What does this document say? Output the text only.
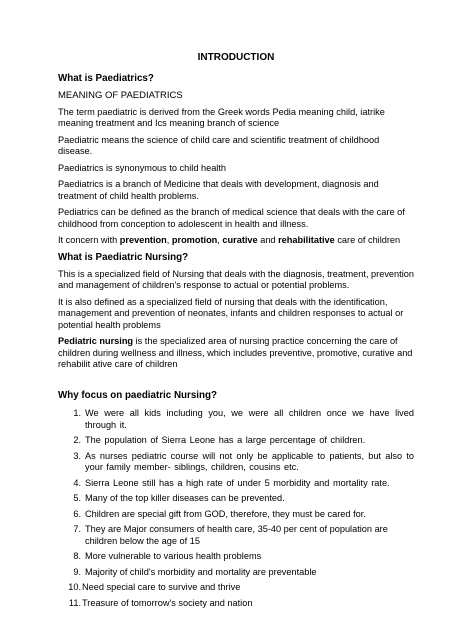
INTRODUCTION
What is Paediatrics?
MEANING OF PAEDIATRICS

The term paediatric is derived from the Greek words Pedia meaning child, iatrike meaning treatment and Ics meaning branch of science

Paediatric means the science of child care and scientific treatment of childhood disease.

Paediatrics is synonymous to child health

Paediatrics is a branch of Medicine that deals with development, diagnosis and treatment of child health problems.

Pediatrics can be defined as the branch of medical science that deals with the care of childhood from conception to adolescent in health and illness.

It concern with prevention, promotion, curative and rehabilitative care of children

What is Paediatric Nursing?

This is a specialized field of Nursing that deals with the diagnosis, treatment, prevention and management of children's response to actual or potential problems.

It is also defined as a specialized field of nursing that deals with the identification, management and prevention of neonates, infants and children responses to actual or potential health problems

Pediatric nursing is the specialized area of nursing practice concerning the care of children during wellness and illness, which includes preventive, promotive, curative and rehabilit ative care of children

Why focus on paediatric Nursing?
1. We were all kids including you, we were all children once we have lived through it.
2. The population of Sierra Leone has a large percentage of children.
3. As nurses pediatric course will not only be applicable to patients, but also to your family member- siblings, children, cousins etc.
4. Sierra Leone still has a high rate of under 5 morbidity and mortality rate.
5. Many of the top killer diseases can be prevented.
6. Children are special gift from GOD, therefore, they must be cared for.
7. They are Major consumers of health care, 35-40 per cent of population are children below the age of 15
8. More vulnerable to various health problems
9. Majority of child's morbidity and mortality are preventable
10. Need special care to survive and thrive
11. Treasure of tomorrow's society and nation
